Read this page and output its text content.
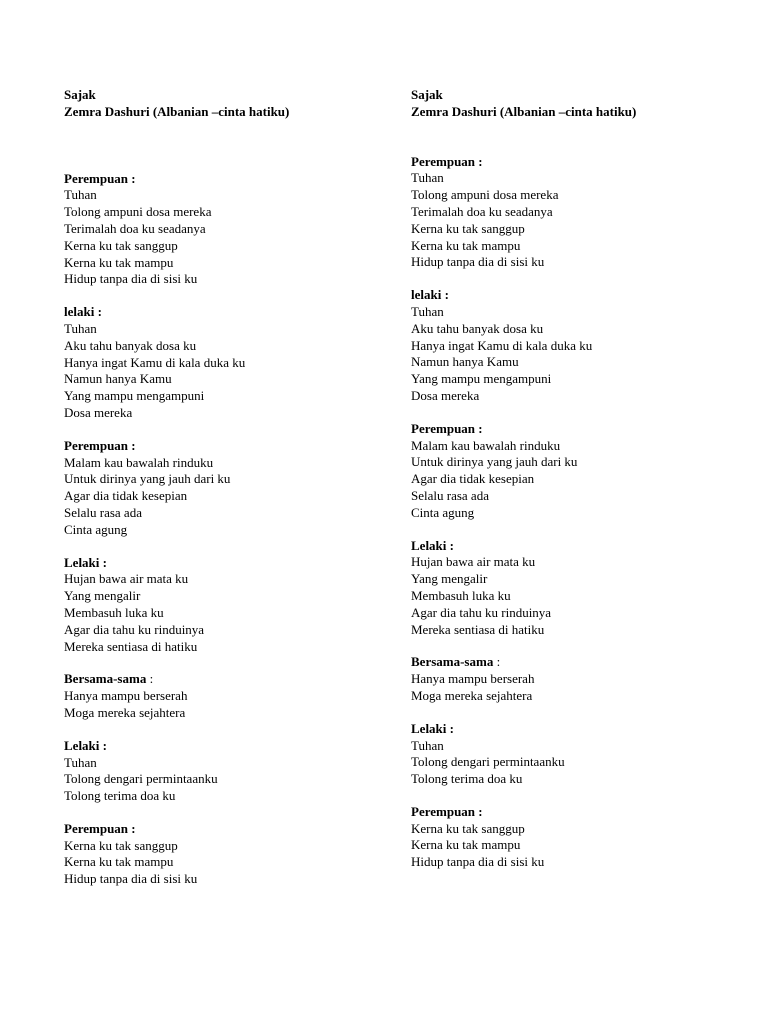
Sajak
Zemra Dashuri (Albanian –cinta hatiku)
Perempuan :
Tuhan
Tolong ampuni dosa mereka
Terimalah doa ku seadanya
Kerna ku tak sanggup
Kerna ku tak mampu
Hidup tanpa dia di sisi ku
lelaki :
Tuhan
Aku tahu banyak dosa ku
Hanya ingat Kamu di kala duka ku
Namun hanya Kamu
Yang mampu mengampuni
Dosa mereka
Perempuan :
Malam kau bawalah rinduku
Untuk dirinya yang jauh dari ku
Agar dia tidak kesepian
Selalu rasa ada
Cinta agung
Lelaki :
Hujan bawa air mata ku
Yang mengalir
Membasuh luka ku
Agar dia tahu ku rinduinya
Mereka sentiasa di hatiku
Bersama-sama :
Hanya mampu berserah
Moga mereka sejahtera
Lelaki :
Tuhan
Tolong dengari permintaanku
Tolong terima doa ku
Perempuan :
Kerna ku tak sanggup
Kerna ku tak mampu
Hidup tanpa dia di sisi ku
Sajak
Zemra Dashuri (Albanian –cinta hatiku)
Perempuan :
Tuhan
Tolong ampuni dosa mereka
Terimalah doa ku seadanya
Kerna ku tak sanggup
Kerna ku tak mampu
Hidup tanpa dia di sisi ku
lelaki :
Tuhan
Aku tahu banyak dosa ku
Hanya ingat Kamu di kala duka ku
Namun hanya Kamu
Yang mampu mengampuni
Dosa mereka
Perempuan :
Malam kau bawalah rinduku
Untuk dirinya yang jauh dari ku
Agar dia tidak kesepian
Selalu rasa ada
Cinta agung
Lelaki :
Hujan bawa air mata ku
Yang mengalir
Membasuh luka ku
Agar dia tahu ku rinduinya
Mereka sentiasa di hatiku
Bersama-sama :
Hanya mampu berserah
Moga mereka sejahtera
Lelaki :
Tuhan
Tolong dengari permintaanku
Tolong terima doa ku
Perempuan :
Kerna ku tak sanggup
Kerna ku tak mampu
Hidup tanpa dia di sisi ku
